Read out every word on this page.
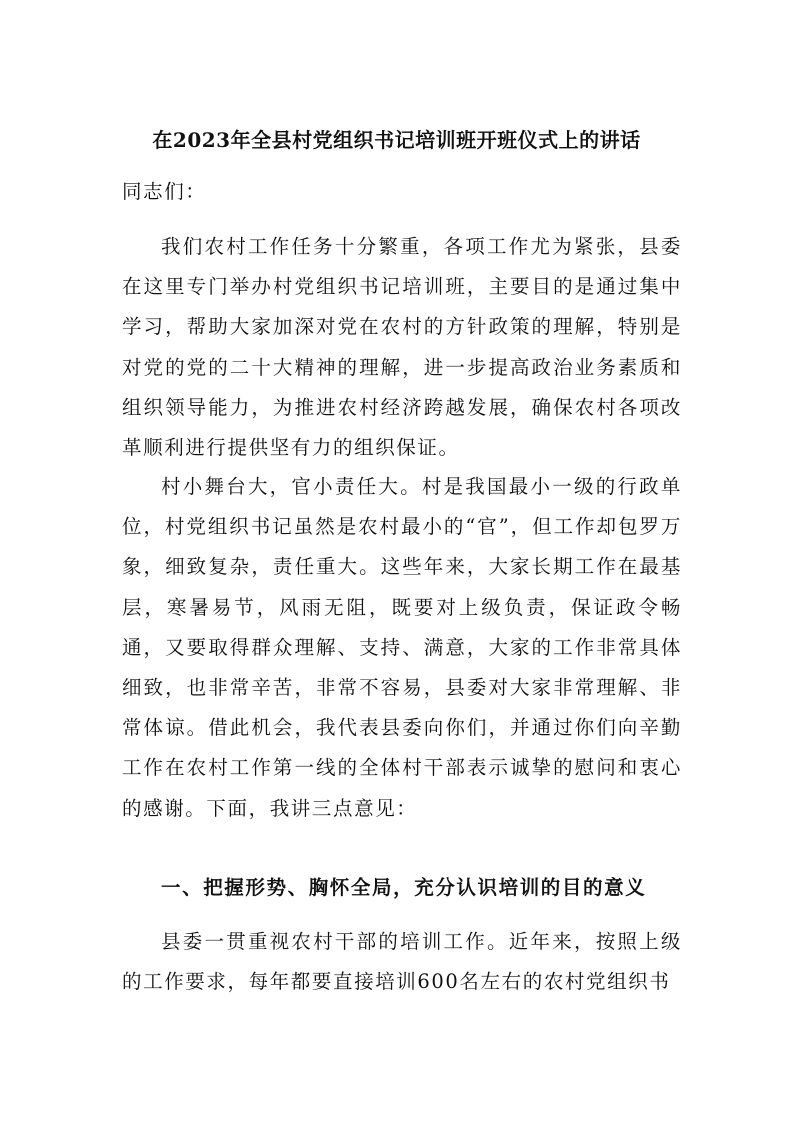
在2023年全县村党组织书记培训班开班仪式上的讲话

同志们：

我们农村工作任务十分繁重，各项工作尤为紧张，县委在这里专门举办村党组织书记培训班，主要目的是通过集中学习，帮助大家加深对党在农村的方针政策的理解，特别是对党的党的二十大精神的理解，进一步提高政治业务素质和组织领导能力，为推进农村经济跨越发展，确保农村各项改革顺利进行提供坚有力的组织保证。

村小舞台大，官小责任大。村是我国最小一级的行政单位，村党组织书记虽然是农村最小的“官”，但工作却包罗万象，细致复杂，责任重大。这些年来，大家长期工作在最基层，寒暑易节，风雨无阻，既要对上级负责，保证政令畅通，又要取得群众理解、支持、满意，大家的工作非常具体细致，也非常辛苦，非常不容易，县委对大家非常理解、非常体谅。借此机会，我代表县委向你们，并通过你们向辛勤工作在农村工作第一线的全体村干部表示诚挚的慰问和衷心的感谢。下面，我讲三点意见：

一、把握形势、胸怀全局，充分认识培训的目的意义

县委一贯重视农村干部的培训工作。近年来，按照上级的工作要求，每年都要直接培训600名左右的农村党组织书
